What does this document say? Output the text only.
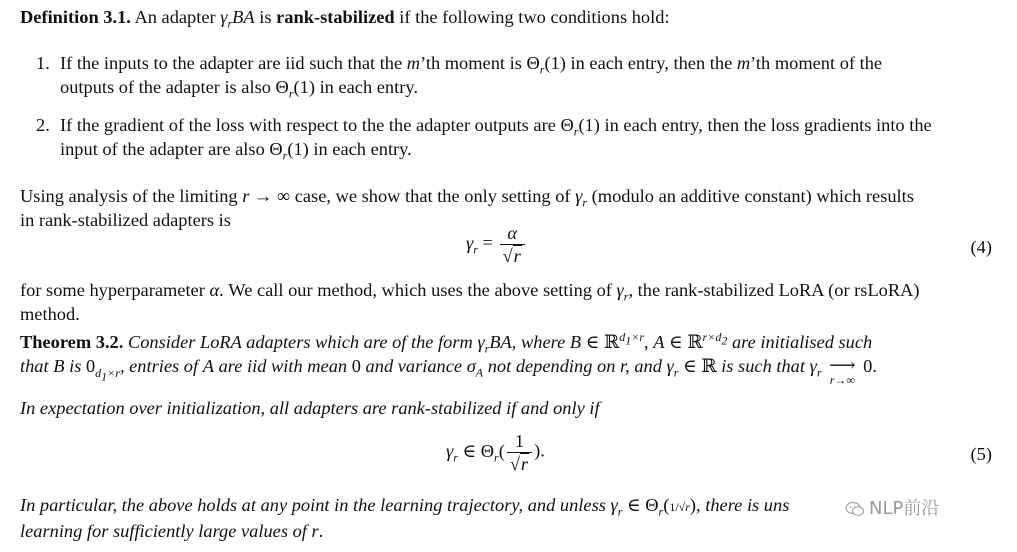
Definition 3.1. An adapter $\gamma_rBA$ is rank-stabilized if the following two conditions hold:
1. If the inputs to the adapter are iid such that the m’th moment is $\Theta_r(1)$ in each entry, then the m’th moment of the
outputs of the adapter is also $\Theta_r(1)$ in each entry.
2. If the gradient of the loss with respect to the the adapter outputs are $\Theta_r(1)$ in each entry, then the loss gradients into the
input of the adapter are also $\Theta_r(1)$ in each entry.
Using analysis of the limiting r → ∞ case, we show that the only setting of $\gamma_r$ (modulo an additive constant) which results
in rank-stabilized adapters is
$\gamma_r = \frac{\alpha}{√r}$	(4)
for some hyperparameter α. We call our method, which uses the above setting of $\gamma_r$, the rank-stabilized LoRA (or rsLoRA)
method.
Theorem 3.2. Consider LoRA adapters which are of the form $\gamma_rBA$, where B ∈ ℝ$^{d_1\times r}$, A ∈ ℝ$^{r\times d_2}$ are initialised such
that B is $0_{d_1\times r}$, entries of A are iid with mean 0 and variance $\sigma_A$ not depending on r, and $\gamma_r$ ∈ ℝ is such that $\gamma_r$ ⟶
r→∞
0.
In expectation over initialization, all adapters are rank-stabilized if and only if
$\gamma_r$ ∈ $\Theta_r( \frac{1}{√r}$ ).	(5)
In particular, the above holds at any point in the learning trajectory, and unless $\gamma_r$ ∈ $\Theta_r(1/√r)$, there is uns
learning for sufficiently large values of r.
NLP前沿
